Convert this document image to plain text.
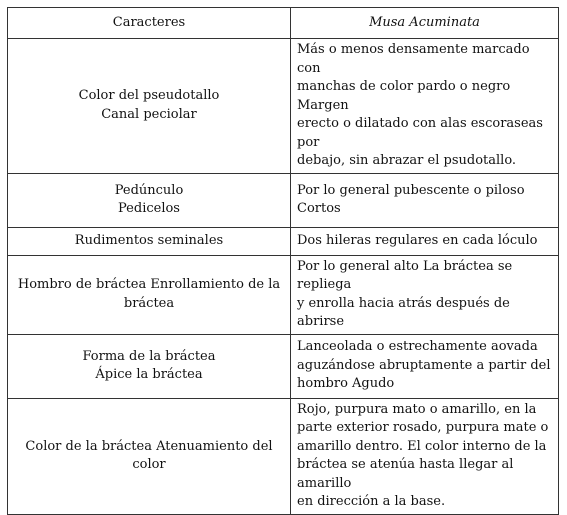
Caracteres	Musa Acuminata

Color del pseudotallo
Canal peciolar	Más o menos densamente marcado con
manchas de color pardo o negro Margen
erecto o dilatado con alas escoraseas por
debajo, sin abrazar el psudotallo.

Pedúnculo
Pedicelos	Por lo general pubescente o piloso
Cortos

Rudimentos seminales	Dos hileras regulares en cada lóculo

Hombro de bráctea Enrollamiento de la
bráctea	Por lo general alto La bráctea se repliega
y enrolla hacia atrás después de abrirse

Forma de la bráctea
Ápice la bráctea	Lanceolada o estrechamente aovada
aguzándose abruptamente a partir del
hombro Agudo

Color de la bráctea Atenuamiento del color	Rojo, purpura mato o amarillo, en la
parte exterior rosado, purpura mate o
amarillo dentro. El color interno de la
bráctea se atenúa hasta llegar al amarillo
en dirección a la base.
